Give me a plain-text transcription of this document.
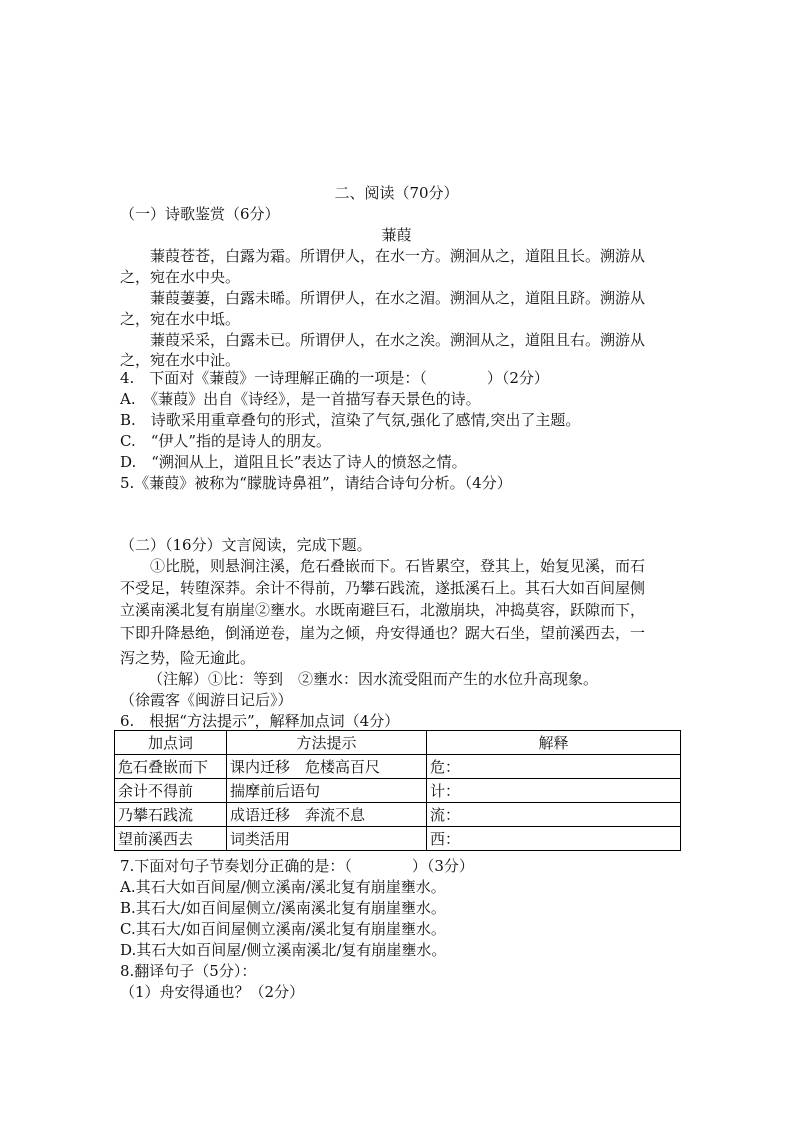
二、阅读（70分）
（一）诗歌鉴赏（6分）
蒹葭
蒹葭苍苍，白露为霜。所谓伊人，在水一方。溯洄从之，道阻且长。溯游从
之，宛在水中央。
蒹葭萋萋，白露未晞。所谓伊人，在水之湄。溯洄从之，道阻且跻。溯游从
之，宛在水中坻。
蒹葭采采，白露未已。所谓伊人，在水之涘。溯洄从之，道阻且右。溯游从
之，宛在水中沚。
4.　下面对《蒹葭》一诗理解正确的一项是：（　　　　）（2分）
A.　《蒹葭》出自《诗经》，是一首描写春天景色的诗。
B.　诗歌采用重章叠句的形式，渲染了气氛,强化了感情,突出了主题。
C.　“伊人”指的是诗人的朋友。
D.　“溯洄从上，道阻且长”表达了诗人的愤怒之情。
5.《蒹葭》被称为“朦胧诗鼻祖”，请结合诗句分析。（4分）
（二）（16分）文言阅读，完成下题。
①比脱，则悬涧注溪，危石叠嵌而下。石皆累空，登其上，始复见溪，而石
不受足，转堕深莽。余计不得前，乃攀石践流，遂抵溪石上。其石大如百间屋侧
立溪南溪北复有崩崖②壅水。水既南避巨石，北激崩块，冲捣莫容，跃隙而下，
下即升降悬绝，倒涌逆卷，崖为之倾，舟安得通也？踞大石坐，望前溪西去，一
泻之势，险无逾此。
（注解）①比：等到　②壅水：因水流受阻而产生的水位升高现象。
（徐霞客《闽游日记后》）
6.　根据“方法提示”，解释加点词（4分）
加点词	方法提示	解释
危石叠嵌而下	课内迁移　危楼高百尺	危：
余计不得前	揣摩前后语句	计：
乃攀石践流	成语迁移　奔流不息	流：
望前溪西去	词类活用	西：
7.下面对句子节奏划分正确的是：（　　　　）（3分）
A.其石大如百间屋/侧立溪南/溪北复有崩崖壅水。
B.其石大/如百间屋侧立/溪南溪北复有崩崖壅水。
C.其石大/如百间屋侧立溪南/溪北复有崩崖壅水。
D.其石大如百间屋/侧立溪南溪北/复有崩崖壅水。
8.翻译句子（5分）：
（1）舟安得通也？（2分）
